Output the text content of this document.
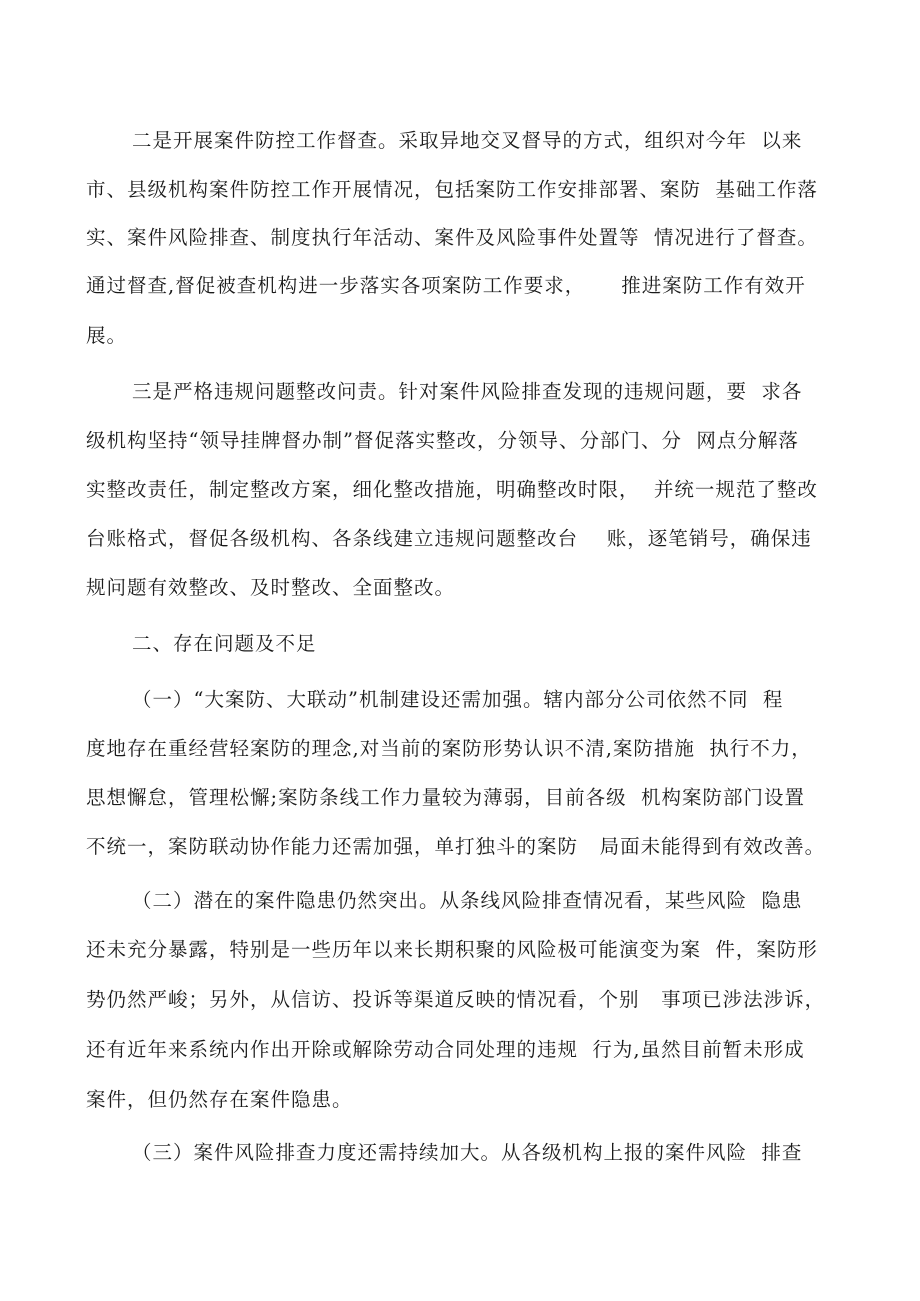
二是开展案件防控工作督查。采取异地交叉督导的方式，组织对今年  以来

市、县级机构案件防控工作开展情况，包括案防工作安排部署、案防  基础工作落

实、案件风险排查、制度执行年活动、案件及风险事件处置等  情况进行了督查。

通过督查,督促被查机构进一步落实各项案防工作要求，     推进案防工作有效开

展。

三是严格违规问题整改问责。针对案件风险排查发现的违规问题，要  求各

级机构坚持“领导挂牌督办制”督促落实整改，分领导、分部门、分  网点分解落

实整改责任，制定整改方案，细化整改措施，明确整改时限，  并统一规范了整改

台账格式，督促各级机构、各条线建立违规问题整改台    账，逐笔销号，确保违

规问题有效整改、及时整改、全面整改。

二、存在问题及不足

（一）“大案防、大联动”机制建设还需加强。辖内部分公司依然不同  程

度地存在重经营轻案防的理念,对当前的案防形势认识不清,案防措施  执行不力，

思想懈怠，管理松懈;案防条线工作力量较为薄弱，目前各级  机构案防部门设置

不统一，案防联动协作能力还需加强，单打独斗的案防   局面未能得到有效改善。

（二）潜在的案件隐患仍然突出。从条线风险排查情况看，某些风险  隐患

还未充分暴露，特别是一些历年以来长期积聚的风险极可能演变为案  件，案防形

势仍然严峻；另外，从信访、投诉等渠道反映的情况看，个别   事项已涉法涉诉，

还有近年来系统内作出开除或解除劳动合同处理的违规  行为,虽然目前暂未形成

案件，但仍然存在案件隐患。

（三）案件风险排查力度还需持续加大。从各级机构上报的案件风险  排查
